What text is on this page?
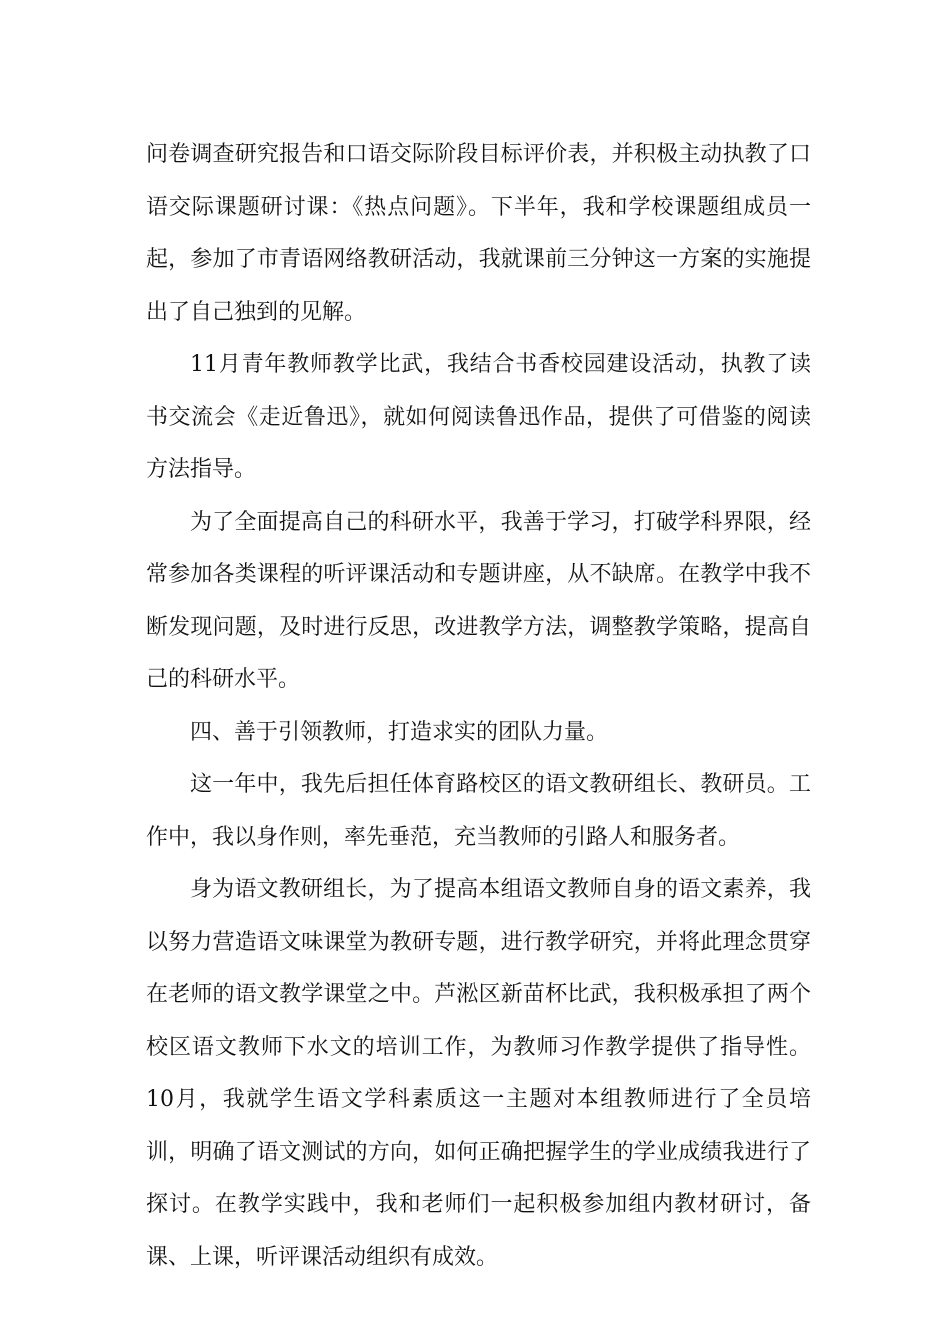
问卷调查研究报告和口语交际阶段目标评价表，并积极主动执教了口语交际课题研讨课：《热点问题》。下半年，我和学校课题组成员一起，参加了市青语网络教研活动，我就课前三分钟这一方案的实施提出了自己独到的见解。

11月青年教师教学比武，我结合书香校园建设活动，执教了读书交流会《走近鲁迅》，就如何阅读鲁迅作品，提供了可借鉴的阅读方法指导。

为了全面提高自己的科研水平，我善于学习，打破学科界限，经常参加各类课程的听评课活动和专题讲座，从不缺席。在教学中我不断发现问题，及时进行反思，改进教学方法，调整教学策略，提高自己的科研水平。

四、善于引领教师，打造求实的团队力量。

这一年中，我先后担任体育路校区的语文教研组长、教研员。工作中，我以身作则，率先垂范，充当教师的引路人和服务者。

身为语文教研组长，为了提高本组语文教师自身的语文素养，我以努力营造语文味课堂为教研专题，进行教学研究，并将此理念贯穿在老师的语文教学课堂之中。芦淞区新苗杯比武，我积极承担了两个校区语文教师下水文的培训工作，为教师习作教学提供了指导性。10月，我就学生语文学科素质这一主题对本组教师进行了全员培训，明确了语文测试的方向，如何正确把握学生的学业成绩我进行了探讨。在教学实践中，我和老师们一起积极参加组内教材研讨，备课、上课，听评课活动组织有成效。
